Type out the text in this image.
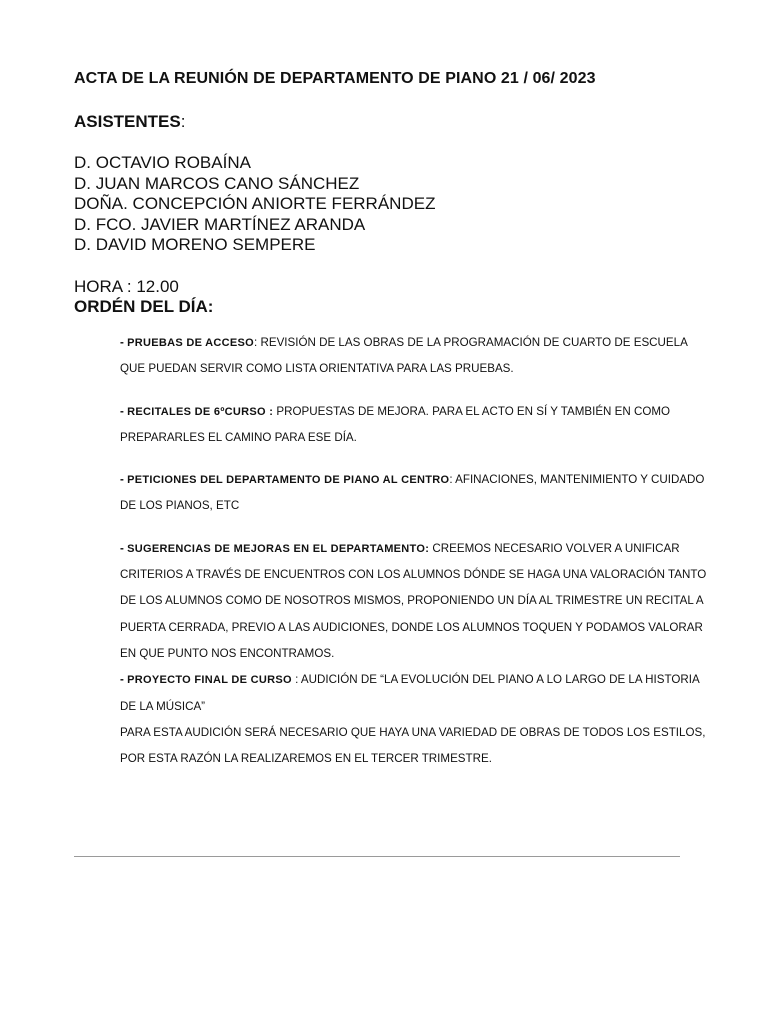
ACTA DE LA REUNIÓN DE DEPARTAMENTO DE PIANO 21 / 06/ 2023
ASISTENTES:
D. OCTAVIO ROBAÍNA
D. JUAN MARCOS CANO SÁNCHEZ
DOÑA. CONCEPCIÓN ANIORTE FERRÁNDEZ
D. FCO. JAVIER MARTÍNEZ ARANDA
D. DAVID MORENO SEMPERE
HORA : 12.00
ORDÉN DEL DÍA:

- PRUEBAS DE ACCESO: REVISIÓN DE LAS OBRAS DE LA PROGRAMACIÓN DE CUARTO DE ESCUELA QUE PUEDAN SERVIR COMO LISTA ORIENTATIVA PARA LAS PRUEBAS.

- RECITALES DE 6ºCURSO : PROPUESTAS DE MEJORA. PARA EL ACTO EN SÍ Y TAMBIÉN EN COMO PREPARARLES EL CAMINO PARA ESE DÍA.

- PETICIONES DEL DEPARTAMENTO DE PIANO AL CENTRO: AFINACIONES, MANTENIMIENTO Y CUIDADO DE LOS PIANOS, ETC

- SUGERENCIAS DE MEJORAS EN EL DEPARTAMENTO: CREEMOS NECESARIO VOLVER A UNIFICAR CRITERIOS A TRAVÉS DE ENCUENTROS CON LOS ALUMNOS DÓNDE SE HAGA UNA VALORACIÓN TANTO DE LOS ALUMNOS COMO DE NOSOTROS MISMOS, PROPONIENDO UN DÍA AL TRIMESTRE UN RECITAL A PUERTA CERRADA, PREVIO A LAS AUDICIONES, DONDE LOS ALUMNOS TOQUEN Y PODAMOS VALORAR EN QUE PUNTO NOS ENCONTRAMOS.

- PROYECTO FINAL DE CURSO : AUDICIÓN DE “LA EVOLUCIÓN DEL PIANO A LO LARGO DE LA HISTORIA DE LA MÚSICA”

PARA ESTA AUDICIÓN SERÁ NECESARIO QUE HAYA UNA VARIEDAD DE OBRAS DE TODOS LOS ESTILOS, POR ESTA RAZÓN LA REALIZAREMOS EN EL TERCER TRIMESTRE.
